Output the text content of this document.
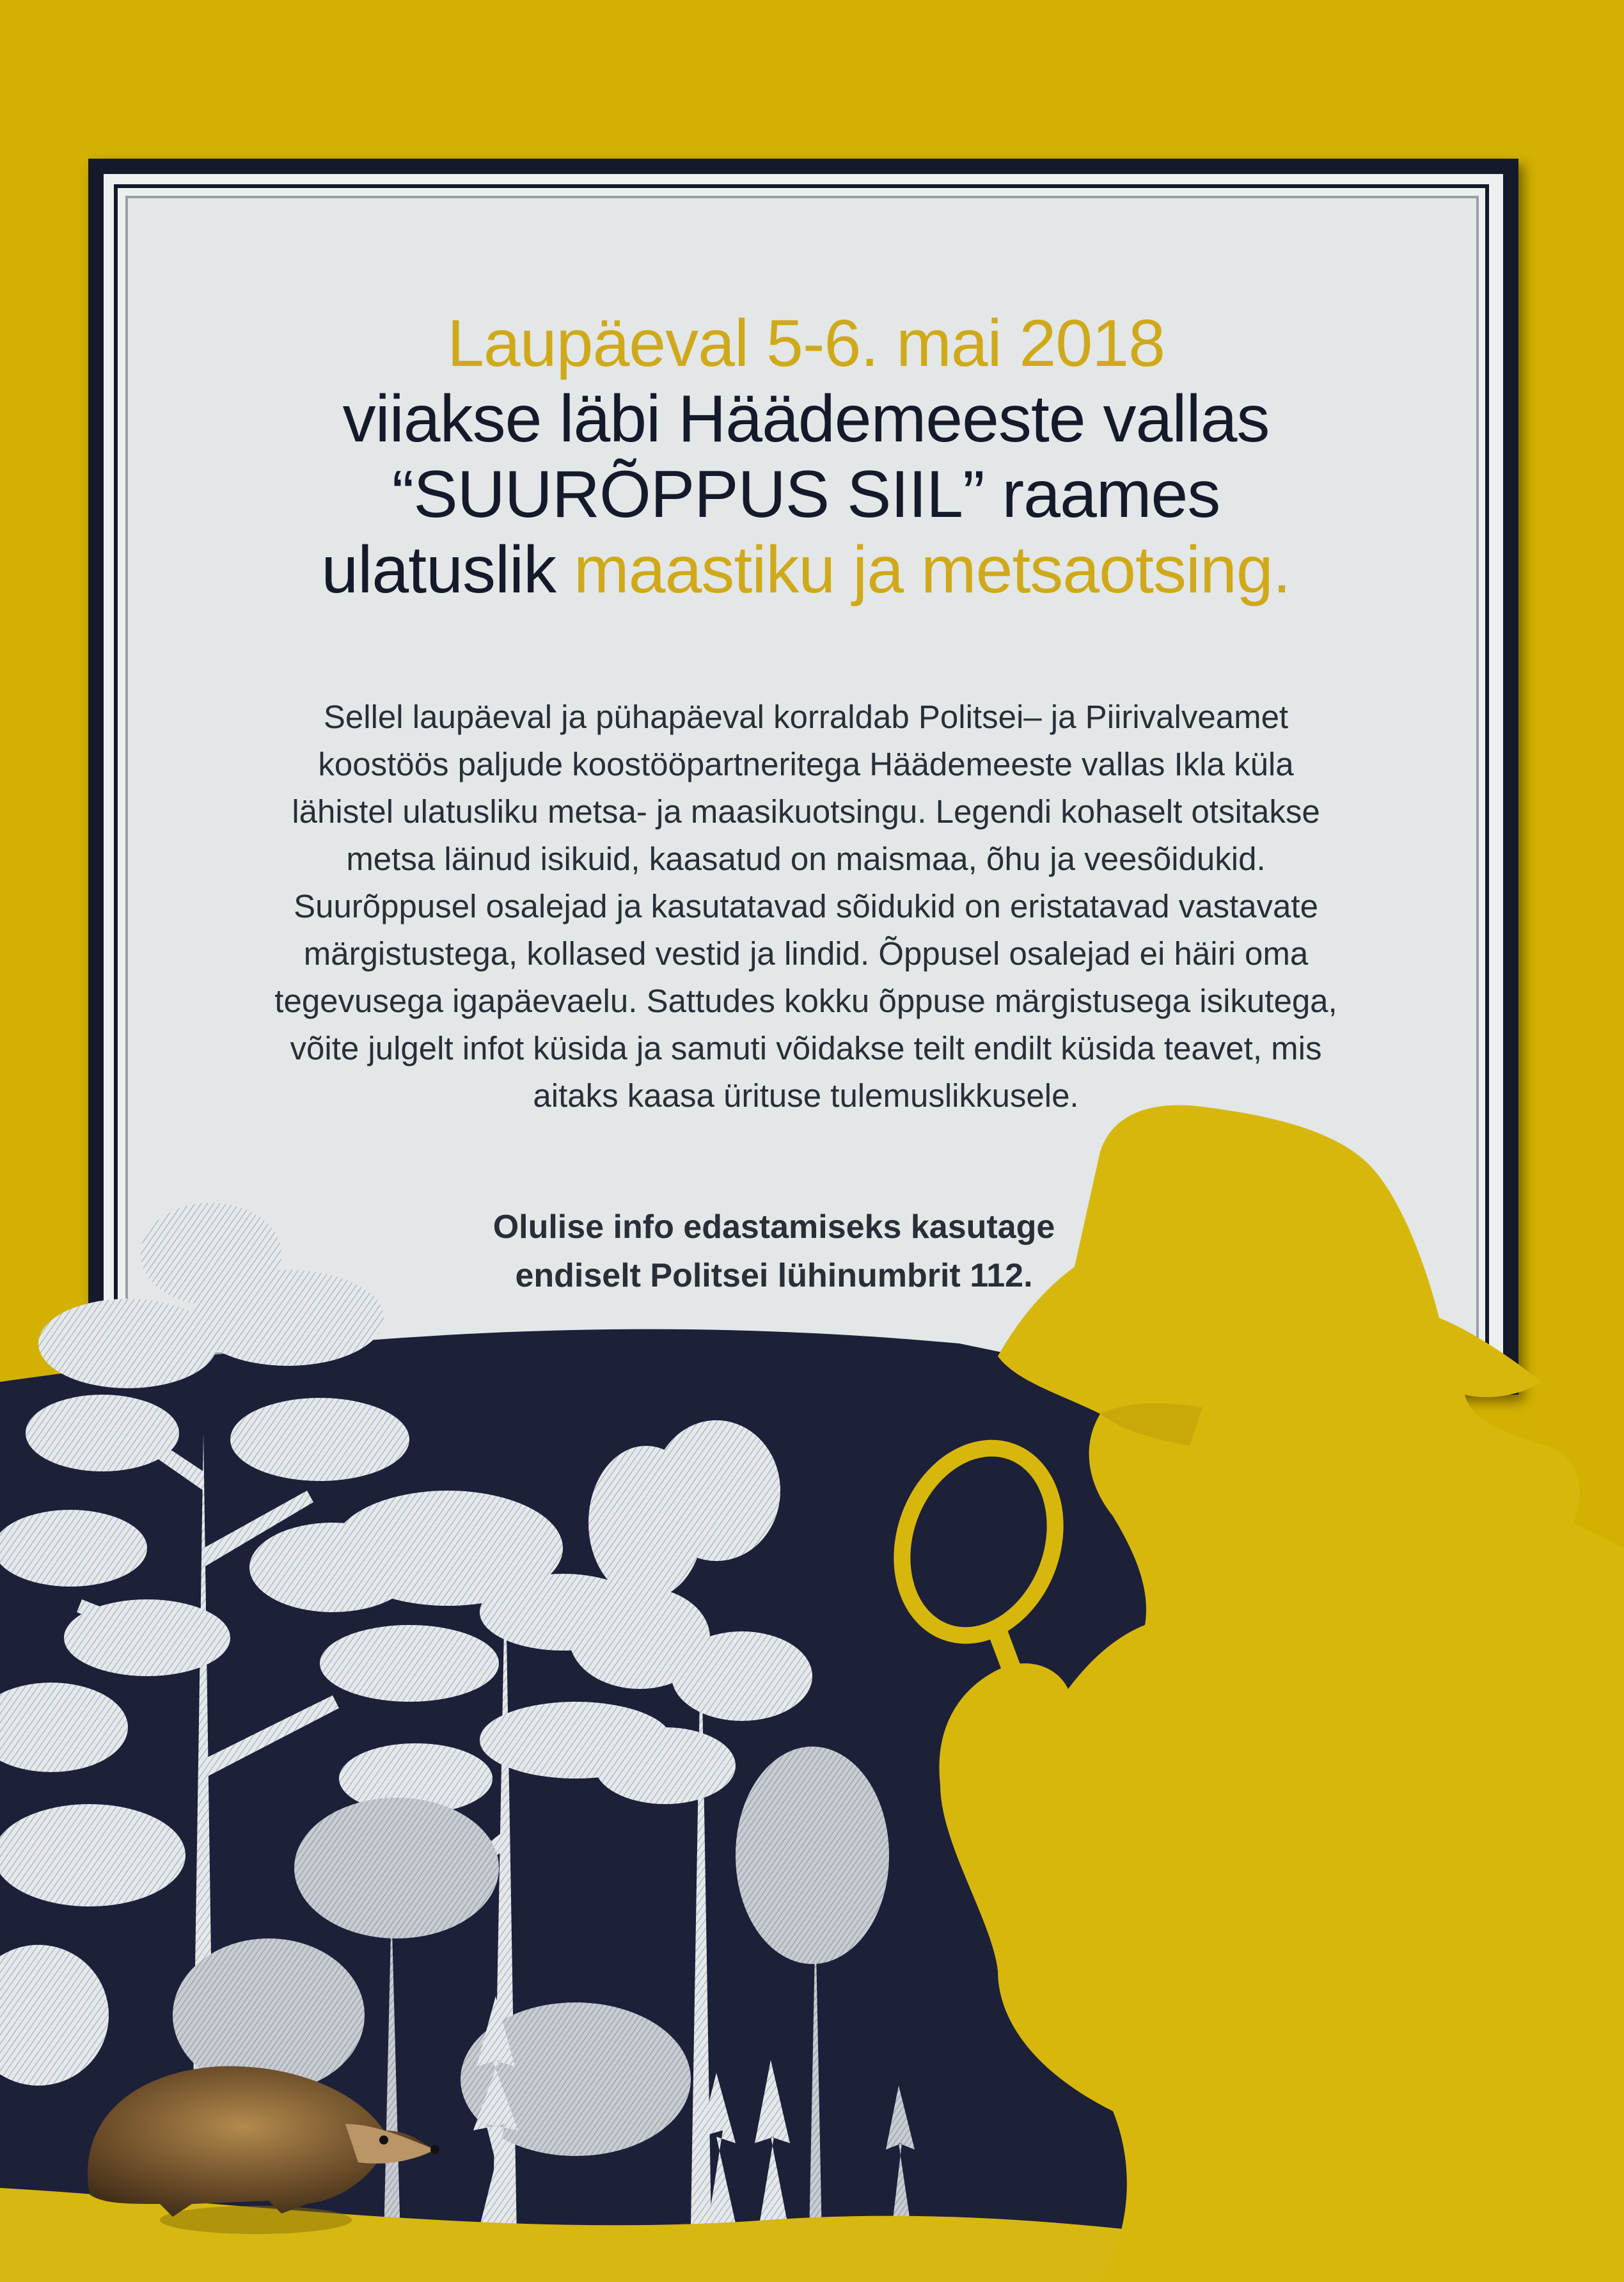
Laupäeval 5-6. mai 2018
viiakse läbi Häädemeeste vallas
“SUURÕPPUS SIIL” raames
ulatuslik maastiku ja metsaotsing.
Sellel laupäeval ja pühapäeval korraldab Politsei– ja Piirivalveamet
koostöös paljude koostööpartneritega Häädemeeste vallas Ikla küla
lähistel ulatusliku metsa- ja maasikuotsingu. Legendi kohaselt otsitakse
metsa läinud isikuid, kaasatud on maismaa, õhu ja veesõidukid.
Suurõppusel osalejad ja kasutatavad sõidukid on eristatavad vastavate
märgistustega, kollased vestid ja lindid. Õppusel osalejad ei häiri oma
tegevusega igapäevaelu. Sattudes kokku õppuse märgistusega isikutega,
võite julgelt infot küsida ja samuti võidakse teilt endilt küsida teavet, mis
aitaks kaasa ürituse tulemuslikkusele.
Olulise info edastamiseks kasutage
endiselt Politsei lühinumbrit 112.
